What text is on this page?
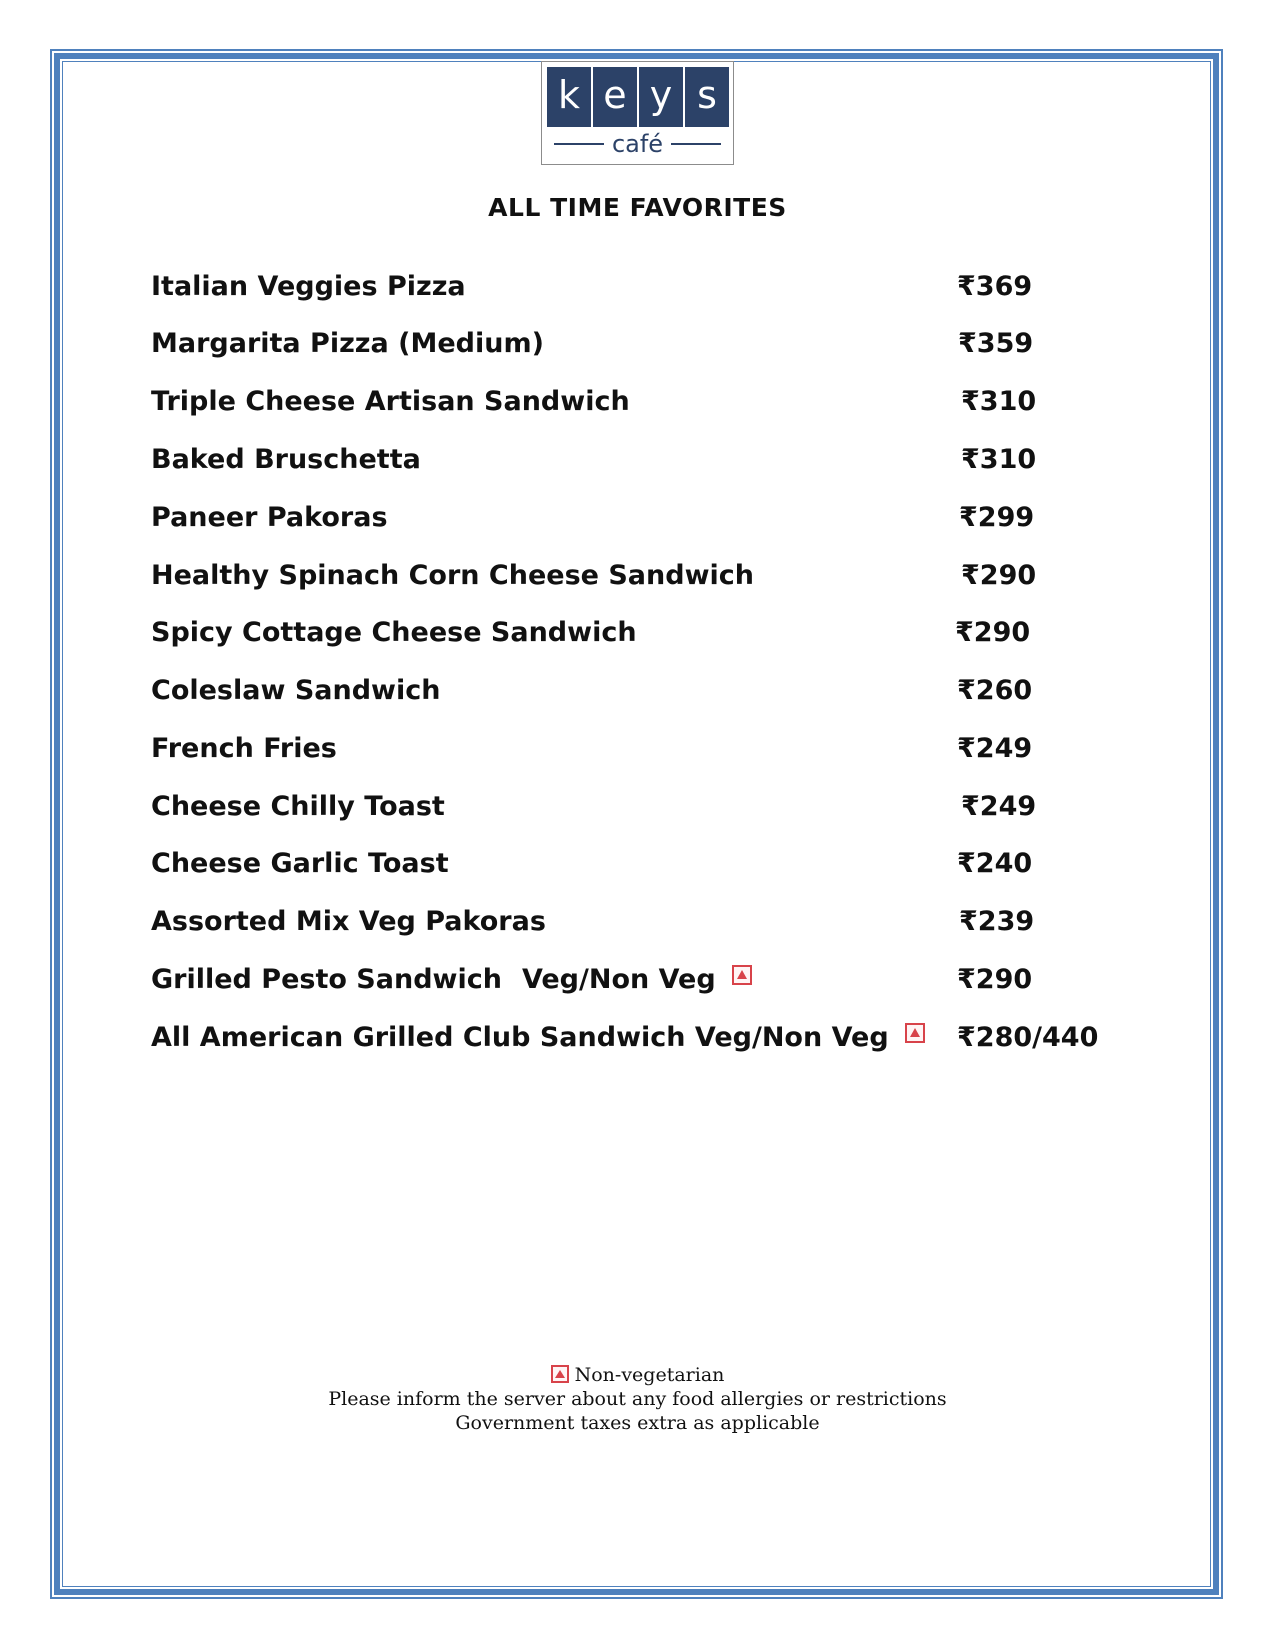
k e y s
café
ALL TIME FAVORITES
Italian Veggies Pizza	₹369
Margarita Pizza (Medium)	₹359
Triple Cheese Artisan Sandwich	₹310
Baked Bruschetta	₹310
Paneer Pakoras	₹299
Healthy Spinach Corn Cheese Sandwich	₹290
Spicy Cottage Cheese Sandwich	₹290
Coleslaw Sandwich	₹260
French Fries	₹249
Cheese Chilly Toast	₹249
Cheese Garlic Toast	₹240
Assorted Mix Veg Pakoras	₹239
Grilled Pesto Sandwich Veg/Non Veg	₹290
All American Grilled Club Sandwich Veg/Non Veg	₹280/440
Non-vegetarian
Please inform the server about any food allergies or restrictions
Government taxes extra as applicable
